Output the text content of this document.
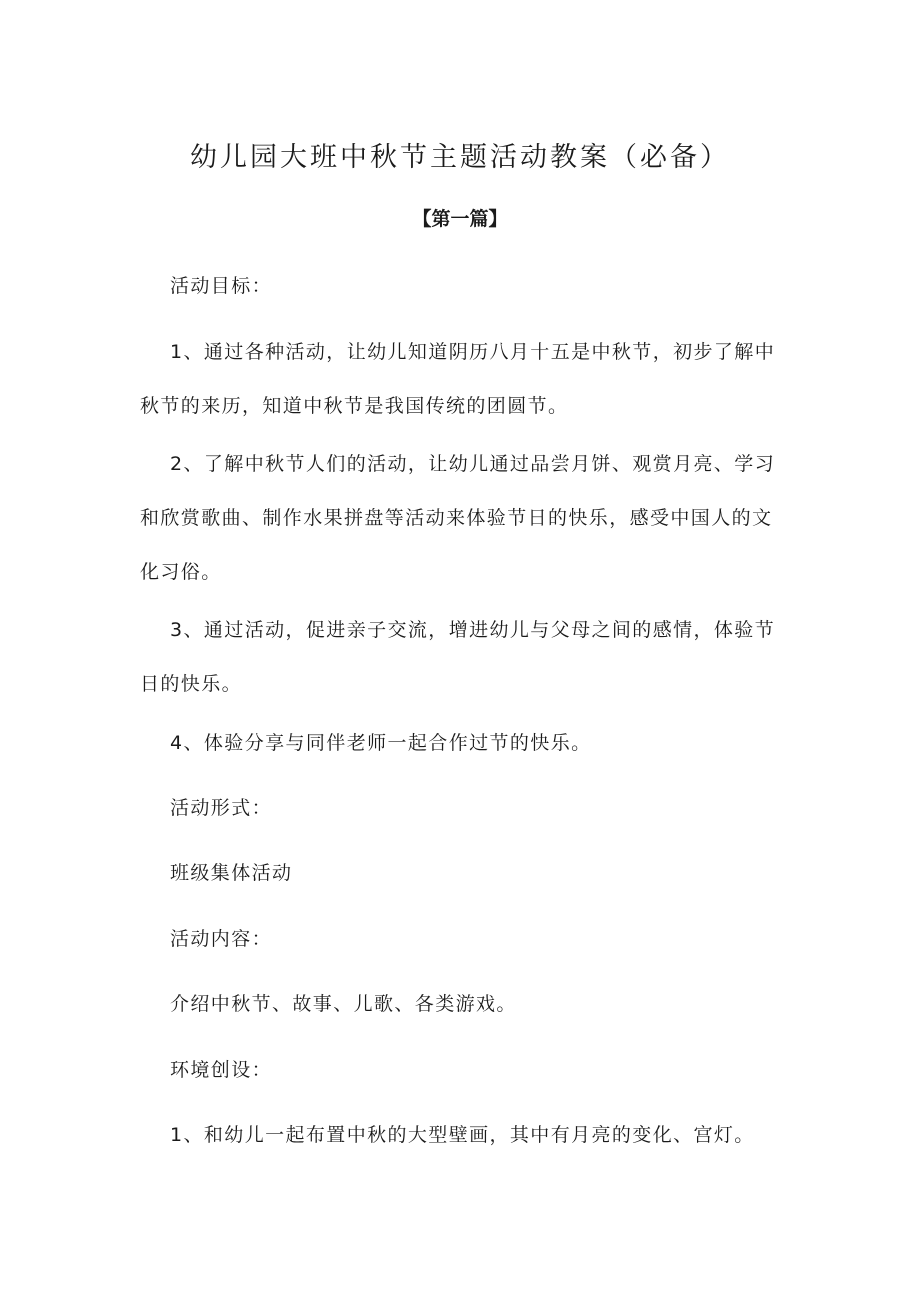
幼儿园大班中秋节主题活动教案（必备）
【第一篇】

活动目标：

1、通过各种活动，让幼儿知道阴历八月十五是中秋节，初步了解中秋节的来历，知道中秋节是我国传统的团圆节。

2、了解中秋节人们的活动，让幼儿通过品尝月饼、观赏月亮、学习和欣赏歌曲、制作水果拼盘等活动来体验节日的快乐，感受中国人的文化习俗。

3、通过活动，促进亲子交流，增进幼儿与父母之间的感情，体验节日的快乐。

4、体验分享与同伴老师一起合作过节的快乐。

活动形式：

班级集体活动

活动内容：

介绍中秋节、故事、儿歌、各类游戏。

环境创设：

1、和幼儿一起布置中秋的大型壁画，其中有月亮的变化、宫灯。
